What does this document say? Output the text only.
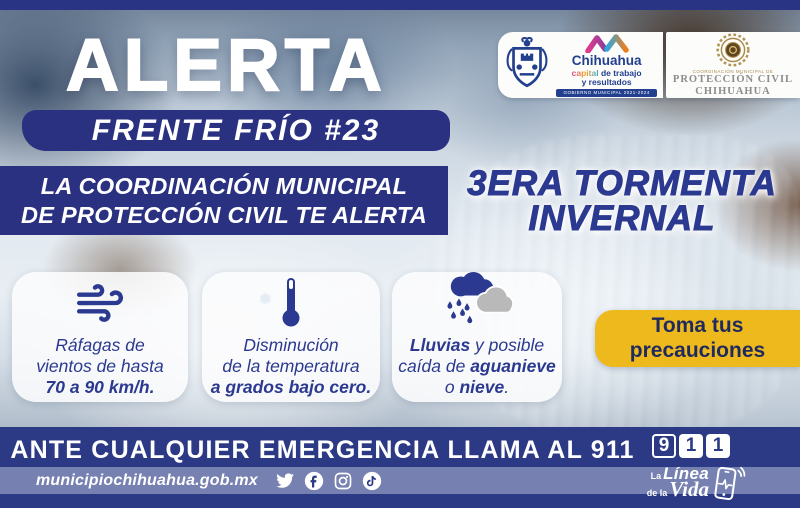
ALERTA
FRENTE FRÍO #23
LA COORDINACIÓN MUNICIPAL
DE PROTECCIÓN CIVIL TE ALERTA
3ERA TORMENTA
INVERNAL
Chihuahua
capital de trabajo
y resultados
GOBIERNO MUNICIPAL 2021-2024
COORDINACIÓN MUNICIPAL DE
PROTECCIÓN CIVIL
CHIHUAHUA

Ráfagas de

vientos de hasta

70 a 90 km/h.

❄

Disminución

de la temperatura

a grados bajo cero.

Lluvias y posible

caída de aguanieve

o nieve.

Toma tus
precauciones
ANTE CUALQUIER EMERGENCIA LLAMA AL 911
municipiochihuahua.gob.mx
9 1 1
La Línea
de laVida
